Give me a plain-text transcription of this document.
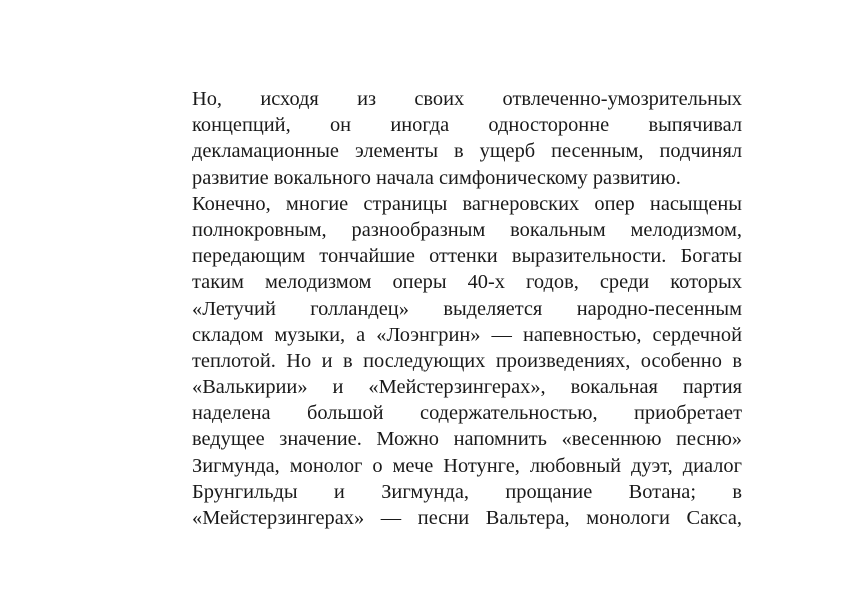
Но, исходя из своих отвлеченно-умозрительных
концепций, он иногда односторонне выпячивал
декламационные элементы в ущерб песенным, подчинял
развитие вокального начала симфоническому развитию.
Конечно, многие страницы вагнеровских опер насыщены
полнокровным, разнообразным вокальным мелодизмом,
передающим тончайшие оттенки выразительности. Богаты
таким мелодизмом оперы 40-х годов, среди которых
«Летучий голландец» выделяется народно-песенным
складом музыки, а «Лоэнгрин» — напевностью, сердечной
теплотой. Но и в последующих произведениях, особенно в
«Валькирии» и «Мейстерзингерах», вокальная партия
наделена большой содержательностью, приобретает
ведущее значение. Можно напомнить «весеннюю песню»
Зигмунда, монолог о мече Нотунге, любовный дуэт, диалог
Брунгильды и Зигмунда, прощание Вотана; в
«Мейстерзингерах» — песни Вальтера, монологи Сакса,
